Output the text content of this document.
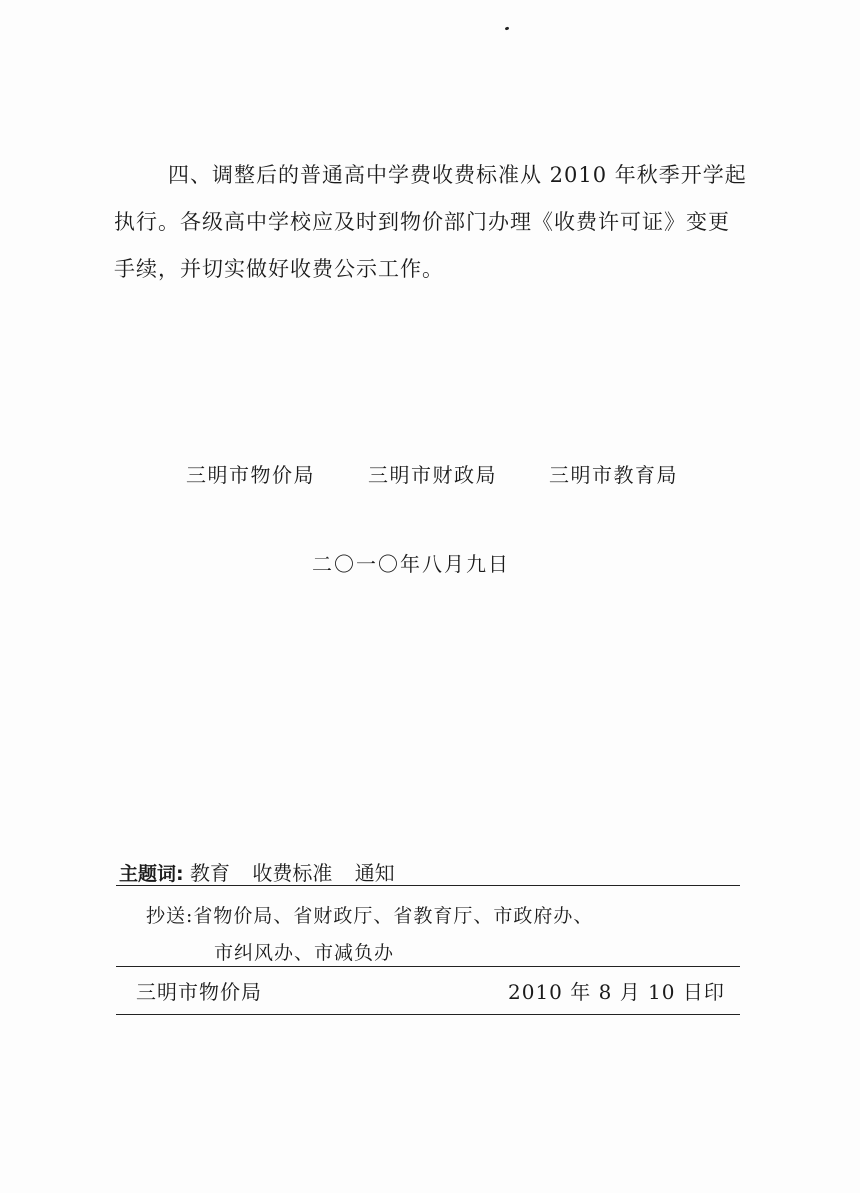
四、调整后的普通高中学费收费标准从 2010 年秋季开学起
执行。各级高中学校应及时到物价部门办理《收费许可证》变更
手续，并切实做好收费公示工作。
三明市物价局	三明市财政局	三明市教育局
二〇一〇年八月九日
主题词: 教育 收费标准 通知
抄送:省物价局、省财政厅、省教育厅、市政府办、
市纠风办、市减负办
三明市物价局	2010 年 8 月 10 日印
